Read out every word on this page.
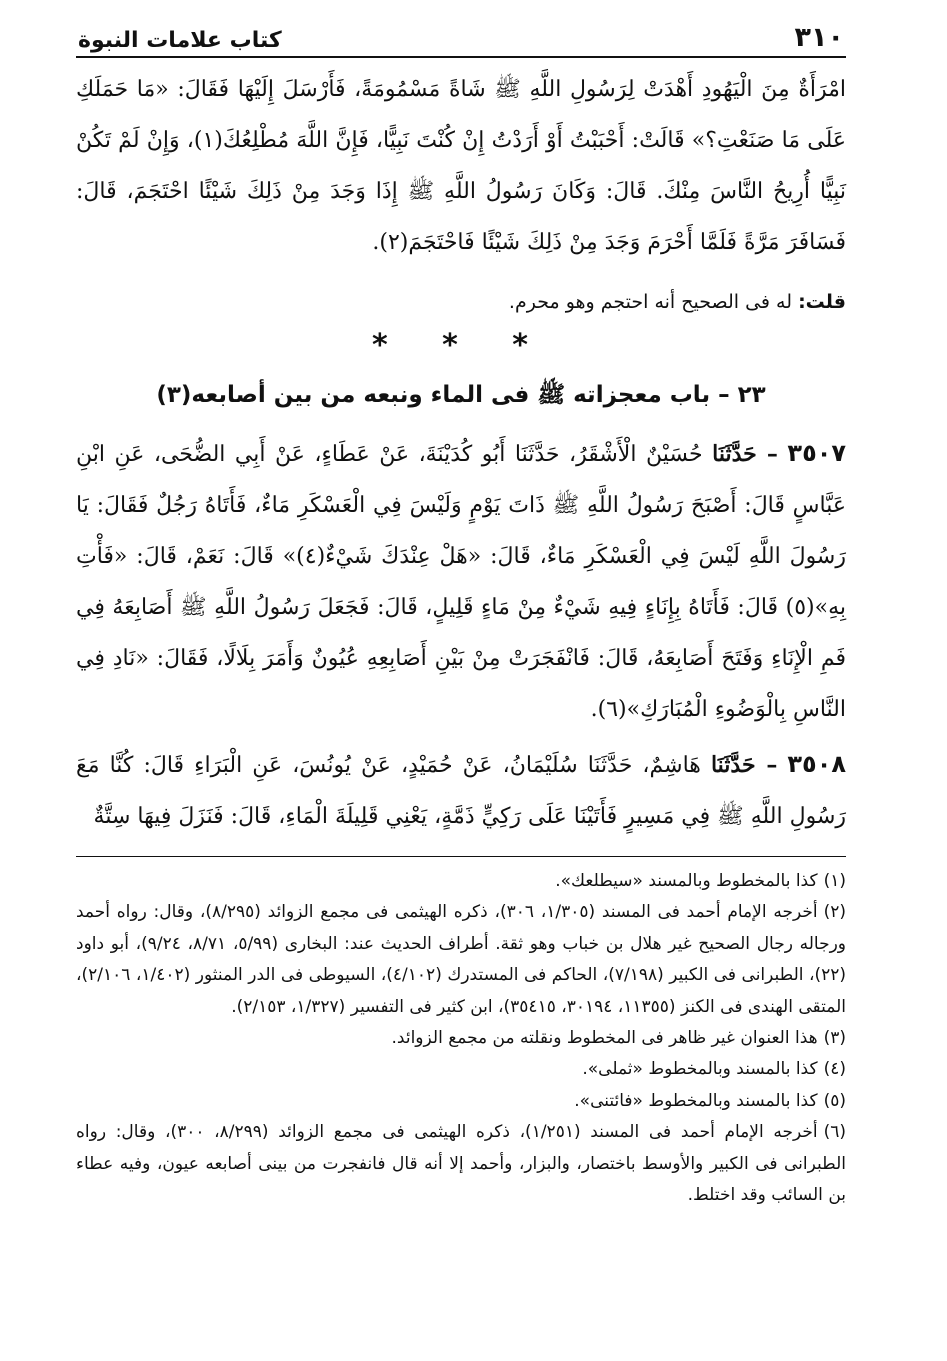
٣١٠
كتاب علامات النبوة

امْرَأَةٌ مِنَ الْيَهُودِ أَهْدَتْ لِرَسُولِ اللَّهِ ﷺ شَاةً مَسْمُومَةً، فَأَرْسَلَ إِلَيْهَا فَقَالَ: «مَا حَمَلَكِ عَلَى مَا صَنَعْتِ؟» قَالَتْ: أَحْبَبْتُ أَوْ أَرَدْتُ إِنْ كُنْتَ نَبِيًّا، فَإِنَّ اللَّهَ مُطْلِعُكَ(١)، وَإِنْ لَمْ تَكُنْ نَبِيًّا أُرِيحُ النَّاسَ مِنْكَ. قَالَ: وَكَانَ رَسُولُ اللَّهِ ﷺ إِذَا وَجَدَ مِنْ ذَلِكَ شَيْئًا احْتَجَمَ، قَالَ: فَسَافَرَ مَرَّةً فَلَمَّا أَحْرَمَ وَجَدَ مِنْ ذَلِكَ شَيْئًا فَاحْتَجَمَ(٢).

قلت: له فى الصحيح أنه احتجم وهو محرم.

* * *
٢٣ – باب معجزاته ﷺ فى الماء ونبعه من بين أصابعه(٣)

٣٥٠٧ – حَدَّثَنَا حُسَيْنٌ الْأَشْقَرُ، حَدَّثَنَا أَبُو كُدَيْنَةَ، عَنْ عَطَاءٍ، عَنْ أَبِي الضُّحَى، عَنِ ابْنِ عَبَّاسٍ قَالَ: أَصْبَحَ رَسُولُ اللَّهِ ﷺ ذَاتَ يَوْمٍ وَلَيْسَ فِي الْعَسْكَرِ مَاءٌ، فَأَتَاهُ رَجُلٌ فَقَالَ: يَا رَسُولَ اللَّهِ لَيْسَ فِي الْعَسْكَرِ مَاءٌ، قَالَ: «هَلْ عِنْدَكَ شَيْءٌ(٤)» قَالَ: نَعَمْ، قَالَ: «فَأْتِ بِهِ»(٥) قَالَ: فَأَتَاهُ بِإِنَاءٍ فِيهِ شَيْءٌ مِنْ مَاءٍ قَلِيلٍ، قَالَ: فَجَعَلَ رَسُولُ اللَّهِ ﷺ أَصَابِعَهُ فِي فَمِ الْإِنَاءِ وَفَتَحَ أَصَابِعَهُ، قَالَ: فَانْفَجَرَتْ مِنْ بَيْنِ أَصَابِعِهِ عُيُونٌ وَأَمَرَ بِلَالًا، فَقَالَ: «نَادِ فِي النَّاسِ بِالْوَضُوءِ الْمُبَارَكِ»(٦).

٣٥٠٨ – حَدَّثَنَا هَاشِمٌ، حَدَّثَنَا سُلَيْمَانُ، عَنْ حُمَيْدٍ، عَنْ يُونُسَ، عَنِ الْبَرَاءِ قَالَ: كُنَّا مَعَ رَسُولِ اللَّهِ ﷺ فِي مَسِيرٍ فَأَتَيْنَا عَلَى رَكِيٍّ ذَمَّةٍ، يَعْنِي قَلِيلَةَ الْمَاءِ، قَالَ: فَنَزَلَ فِيهَا سِتَّةٌ

(١)كذا بالمخطوط وبالمسند «سيطلعك».

(٢)أخرجه الإمام أحمد فى المسند (١/٣٠٥، ٣٠٦)، ذكره الهيثمى فى مجمع الزوائد (٨/٢٩٥)، وقال: رواه أحمد ورجاله رجال الصحيح غير هلال بن خباب وهو ثقة. أطراف الحديث عند: البخارى (٥/٩٩، ٨/٧١، ٩/٢٤)، أبو داود (٢٢)، الطبرانى فى الكبير (٧/١٩٨)، الحاكم فى المستدرك (٤/١٠٢)، السيوطى فى الدر المنثور (١/٤٠٢، ٢/١٠٦)، المتقى الهندى فى الكنز (١١٣٥٥، ٣٠١٩٤، ٣٥٤١٥)، ابن كثير فى التفسير (١/٣٢٧، ٢/١٥٣).

(٣)هذا العنوان غير ظاهر فى المخطوط ونقلته من مجمع الزوائد.

(٤)كذا بالمسند وبالمخطوط «ثملى».

(٥)كذا بالمسند وبالمخطوط «فائتنى».

(٦)أخرجه الإمام أحمد فى المسند (١/٢٥١)، ذكره الهيثمى فى مجمع الزوائد (٨/٢٩٩، ٣٠٠)، وقال: رواه الطبرانى فى الكبير والأوسط باختصار، والبزار، وأحمد إلا أنه قال فانفجرت من بينى أصابعه عيون، وفيه عطاء بن السائب وقد اختلط.
